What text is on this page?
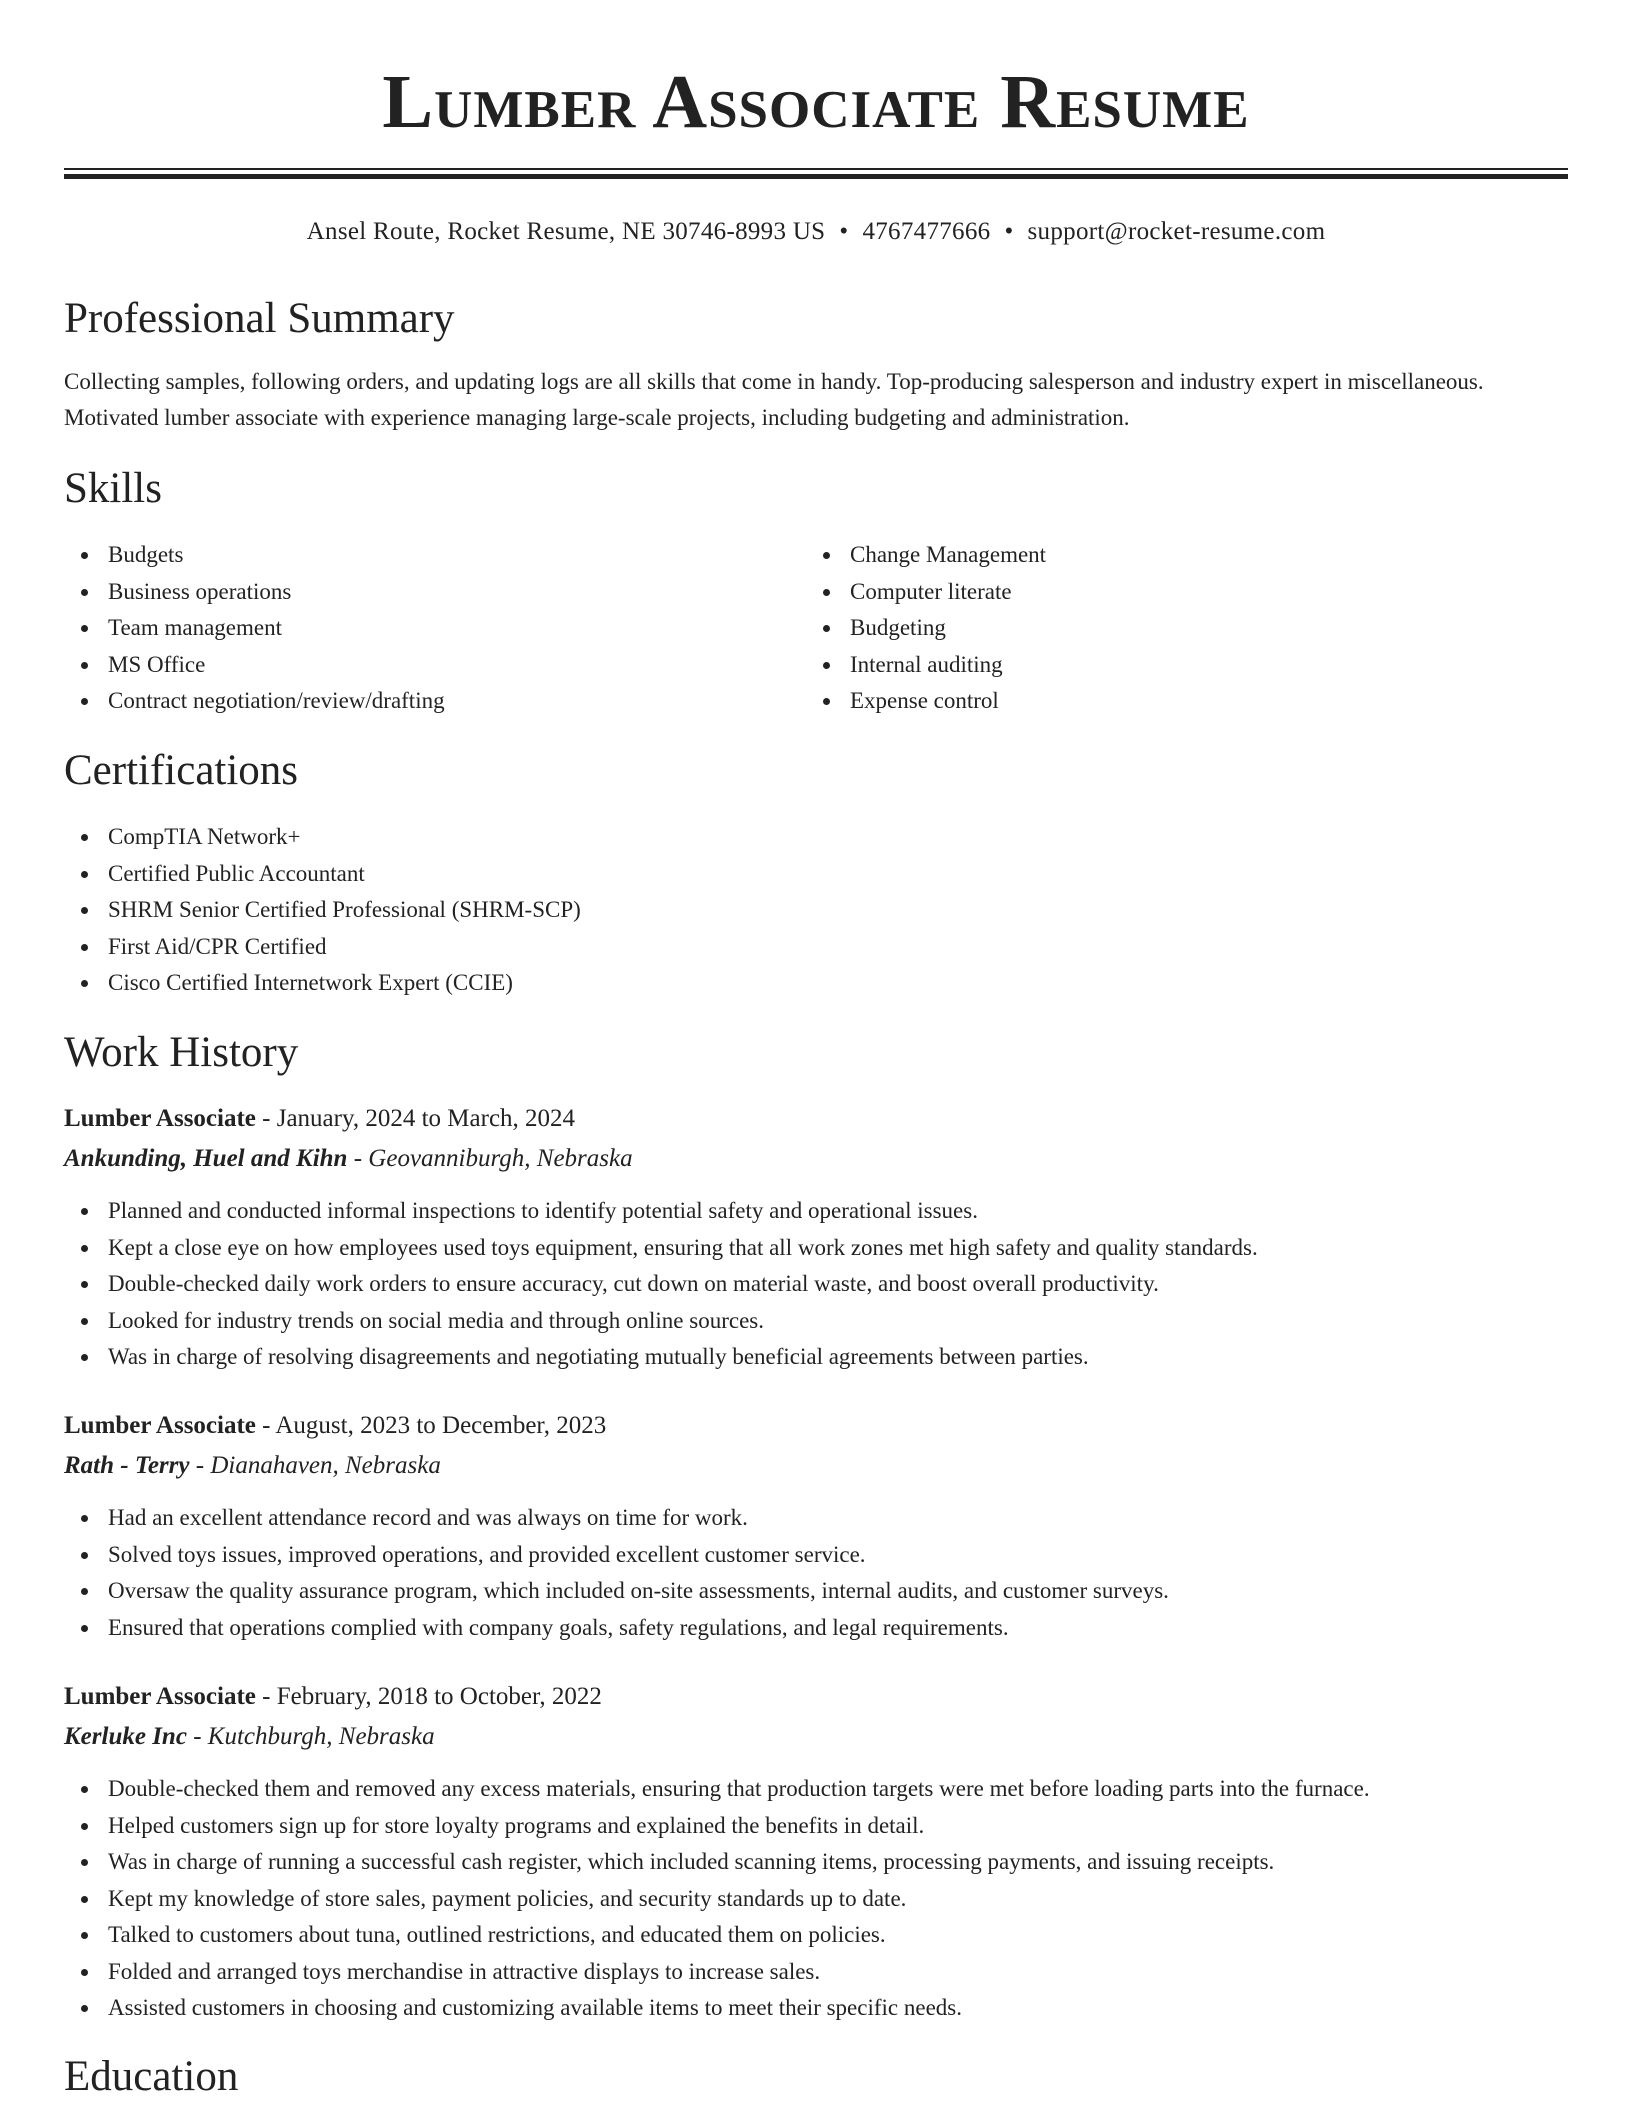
Lumber Associate Resume
Ansel Route, Rocket Resume, NE 30746-8993 US • 4767477666 • support@rocket-resume.com
Professional Summary

Collecting samples, following orders, and updating logs are all skills that come in handy. Top-producing salesperson and industry expert in miscellaneous. Motivated lumber associate with experience managing large-scale projects, including budgeting and administration.

Skills
Budgets
Business operations
Team management
MS Office
Contract negotiation/review/drafting
Change Management
Computer literate
Budgeting
Internal auditing
Expense control
Certifications
CompTIA Network+
Certified Public Accountant
SHRM Senior Certified Professional (SHRM-SCP)
First Aid/CPR Certified
Cisco Certified Internetwork Expert (CCIE)
Work History

Lumber Associate - January, 2024 to March, 2024

Ankunding, Huel and Kihn - Geovanniburgh, Nebraska

Planned and conducted informal inspections to identify potential safety and operational issues.
Kept a close eye on how employees used toys equipment, ensuring that all work zones met high safety and quality standards.
Double-checked daily work orders to ensure accuracy, cut down on material waste, and boost overall productivity.
Looked for industry trends on social media and through online sources.
Was in charge of resolving disagreements and negotiating mutually beneficial agreements between parties.

Lumber Associate - August, 2023 to December, 2023

Rath - Terry - Dianahaven, Nebraska

Had an excellent attendance record and was always on time for work.
Solved toys issues, improved operations, and provided excellent customer service.
Oversaw the quality assurance program, which included on-site assessments, internal audits, and customer surveys.
Ensured that operations complied with company goals, safety regulations, and legal requirements.

Lumber Associate - February, 2018 to October, 2022

Kerluke Inc - Kutchburgh, Nebraska

Double-checked them and removed any excess materials, ensuring that production targets were met before loading parts into the furnace.
Helped customers sign up for store loyalty programs and explained the benefits in detail.
Was in charge of running a successful cash register, which included scanning items, processing payments, and issuing receipts.
Kept my knowledge of store sales, payment policies, and security standards up to date.
Talked to customers about tuna, outlined restrictions, and educated them on policies.
Folded and arranged toys merchandise in attractive displays to increase sales.
Assisted customers in choosing and customizing available items to meet their specific needs.
Education
